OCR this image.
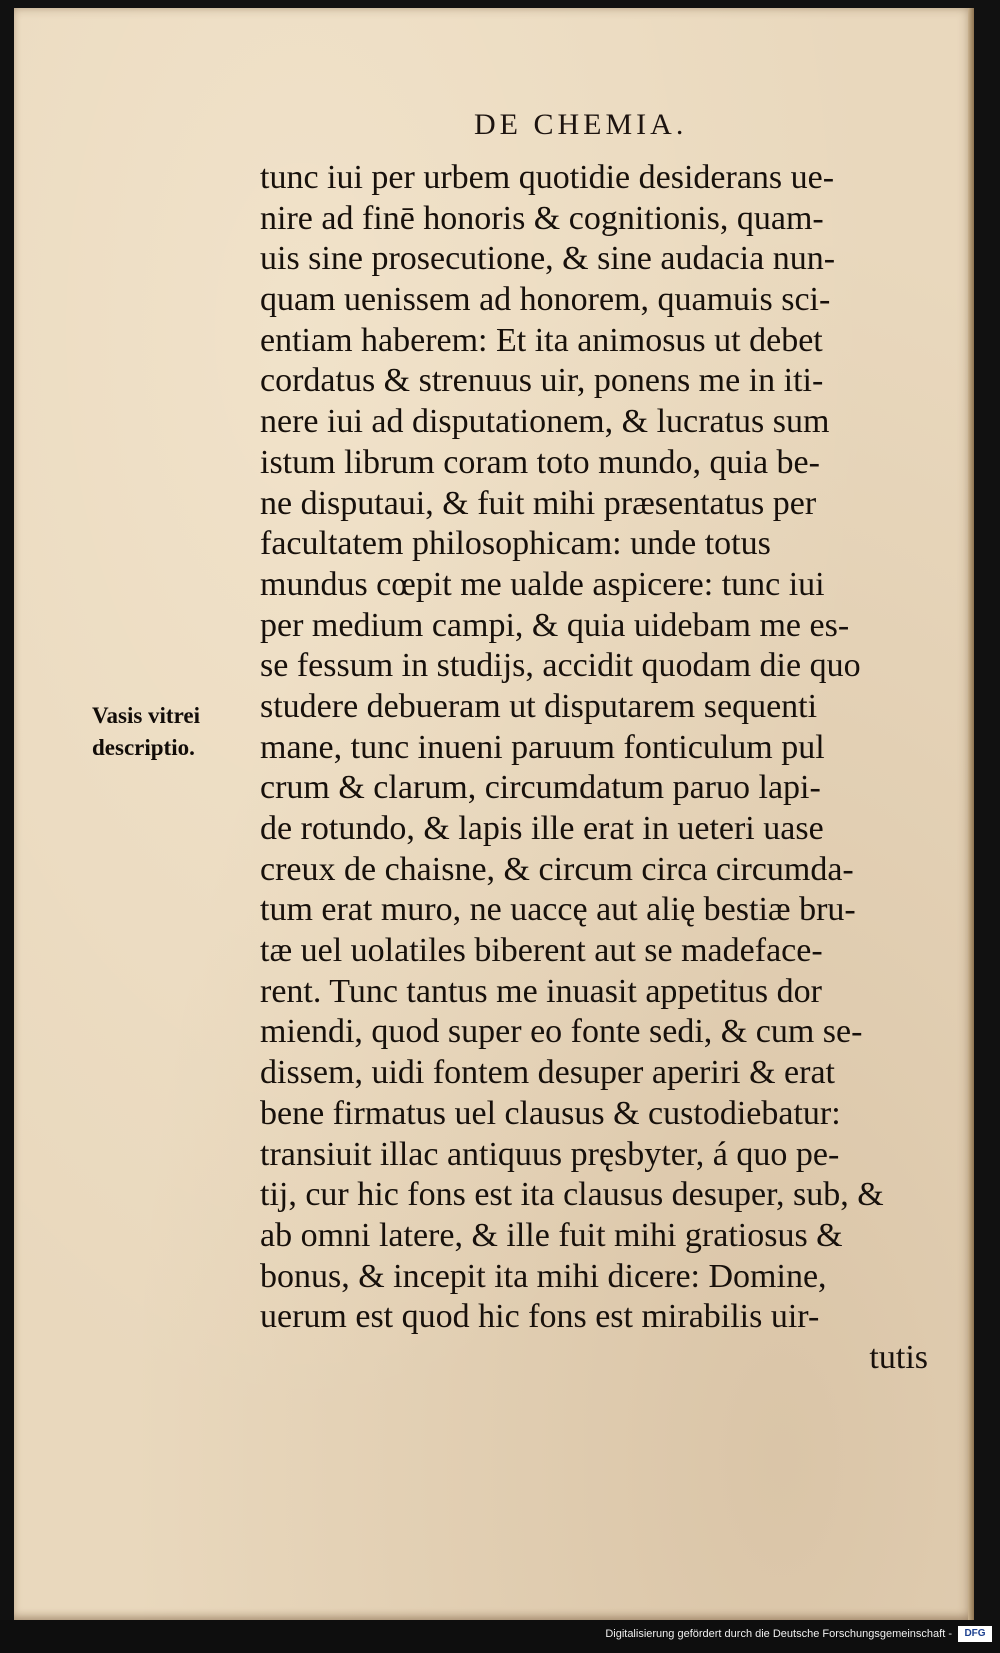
DE CHEMIA.
Vasis vitrei
descriptio.
tunc iui per urbem quotidie desiderans ue-
nire ad finē honoris & cognitionis, quam-
uis sine prosecutione, & sine audacia nun-
quam uenissem ad honorem, quamuis sci-
entiam haberem: Et ita animosus ut debet
cordatus & strenuus uir, ponens me in iti-
nere iui ad disputationem, & lucratus sum
istum librum coram toto mundo, quia be-
ne disputaui, & fuit mihi præsentatus per
facultatem philosophicam: unde totus
mundus cœpit me ualde aspicere: tunc iui
per medium campi, & quia uidebam me es-
se fessum in studijs, accidit quodam die quo
studere debueram ut disputarem sequenti
mane, tunc inueni paruum fonticulum pul
crum & clarum, circumdatum paruo lapi-
de rotundo, & lapis ille erat in ueteri uase
creux de chaisne, & circum circa circumda-
tum erat muro, ne uaccę aut alię bestiæ bru-
tæ uel uolatiles biberent aut se madeface-
rent. Tunc tantus me inuasit appetitus dor
miendi, quod super eo fonte sedi, & cum se-
dissem, uidi fontem desuper aperiri & erat
bene firmatus uel clausus & custodiebatur:
transiuit illac antiquus pręsbyter, á quo pe-
tij, cur hic fons est ita clausus desuper, sub, &
ab omni latere, & ille fuit mihi gratiosus &
bonus, & incepit ita mihi dicere: Domine,
uerum est quod hic fons est mirabilis uir-
tutis
Digitalisierung gefördert durch die Deutsche Forschungsgemeinschaft -	DFG
